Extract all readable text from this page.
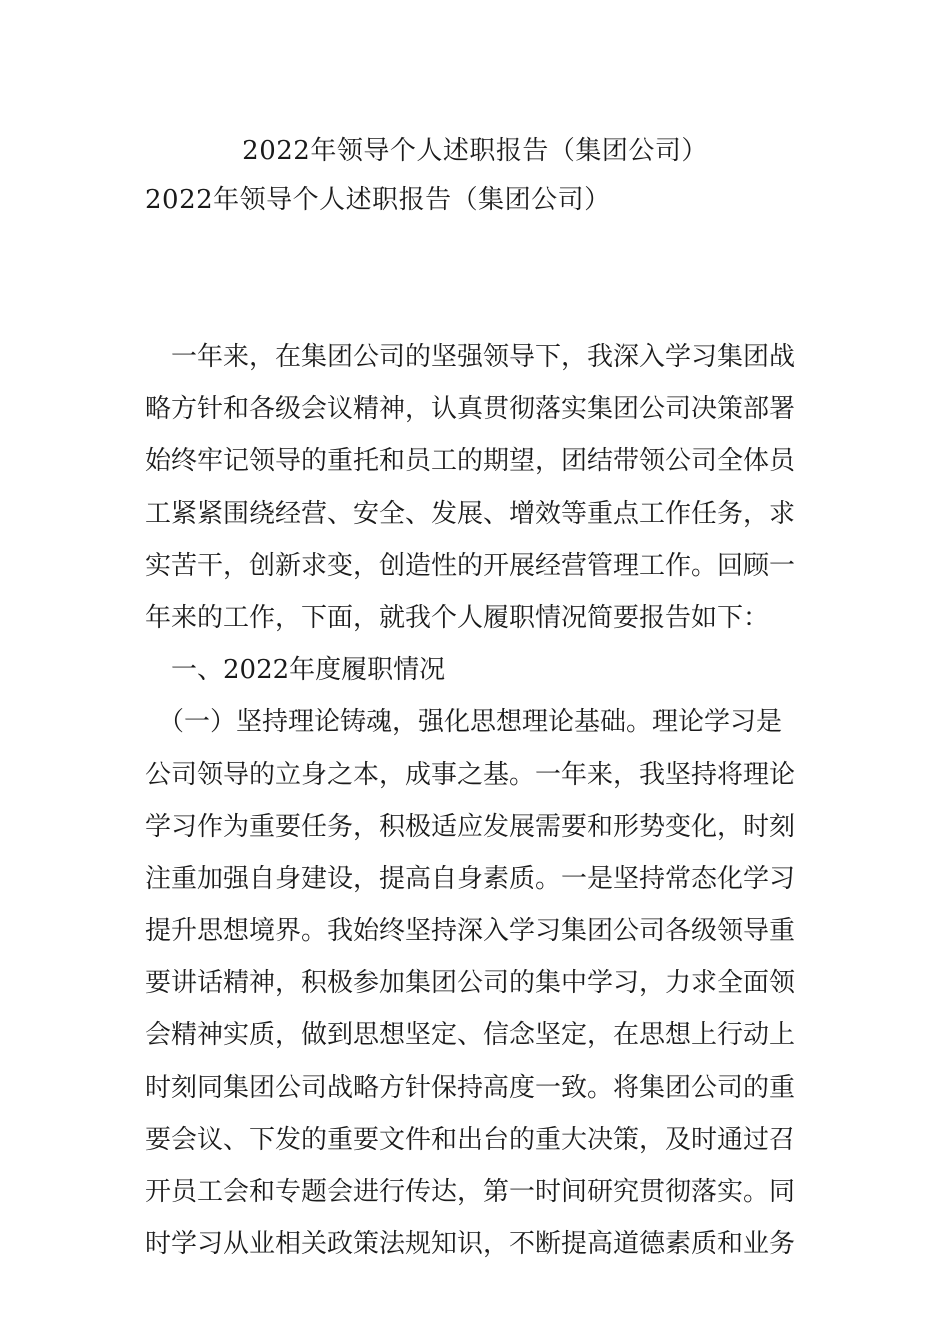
2022年领导个人述职报告（集团公司）
2022年领导个人述职报告（集团公司）
　一年来，在集团公司的坚强领导下，我深入学习集团战
略方针和各级会议精神，认真贯彻落实集团公司决策部署
始终牢记领导的重托和员工的期望，团结带领公司全体员
工紧紧围绕经营、安全、发展、增效等重点工作任务，求
实苦干，创新求变，创造性的开展经营管理工作。回顾一
年来的工作，下面，就我个人履职情况简要报告如下：
　一、2022年度履职情况
　（一）坚持理论铸魂，强化思想理论基础。理论学习是
公司领导的立身之本，成事之基。一年来，我坚持将理论
学习作为重要任务，积极适应发展需要和形势变化，时刻
注重加强自身建设，提高自身素质。一是坚持常态化学习
提升思想境界。我始终坚持深入学习集团公司各级领导重
要讲话精神，积极参加集团公司的集中学习，力求全面领
会精神实质，做到思想坚定、信念坚定，在思想上行动上
时刻同集团公司战略方针保持高度一致。将集团公司的重
要会议、下发的重要文件和出台的重大决策，及时通过召
开员工会和专题会进行传达，第一时间研究贯彻落实。同
时学习从业相关政策法规知识，不断提高道德素质和业务
